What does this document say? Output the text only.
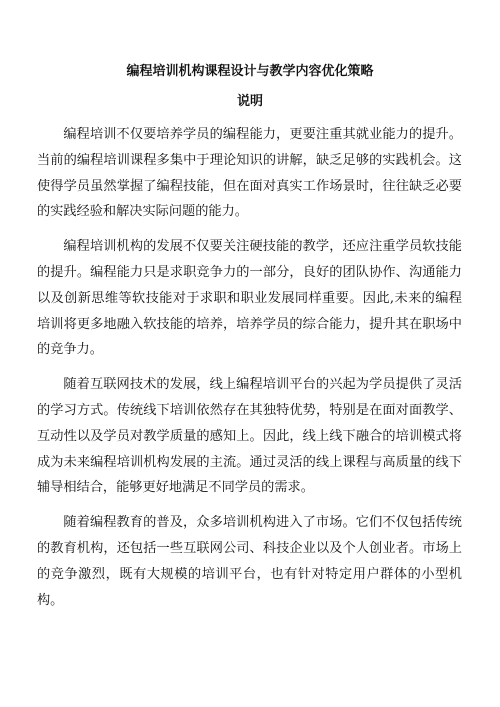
编程培训机构课程设计与教学内容优化策略
说明

编程培训不仅要培养学员的编程能力，更要注重其就业能力的提升。当前的编程培训课程多集中于理论知识的讲解，缺乏足够的实践机会。这使得学员虽然掌握了编程技能，但在面对真实工作场景时，往往缺乏必要的实践经验和解决实际问题的能力。

编程培训机构的发展不仅要关注硬技能的教学，还应注重学员软技能的提升。编程能力只是求职竞争力的一部分，良好的团队协作、沟通能力以及创新思维等软技能对于求职和职业发展同样重要。因此,未来的编程培训将更多地融入软技能的培养，培养学员的综合能力，提升其在职场中的竞争力。

随着互联网技术的发展，线上编程培训平台的兴起为学员提供了灵活的学习方式。传统线下培训依然存在其独特优势，特别是在面对面教学、互动性以及学员对教学质量的感知上。因此，线上线下融合的培训模式将成为未来编程培训机构发展的主流。通过灵活的线上课程与高质量的线下辅导相结合，能够更好地满足不同学员的需求。

随着编程教育的普及，众多培训机构进入了市场。它们不仅包括传统的教育机构，还包括一些互联网公司、科技企业以及个人创业者。市场上的竞争激烈，既有大规模的培训平台，也有针对特定用户群体的小型机构。
